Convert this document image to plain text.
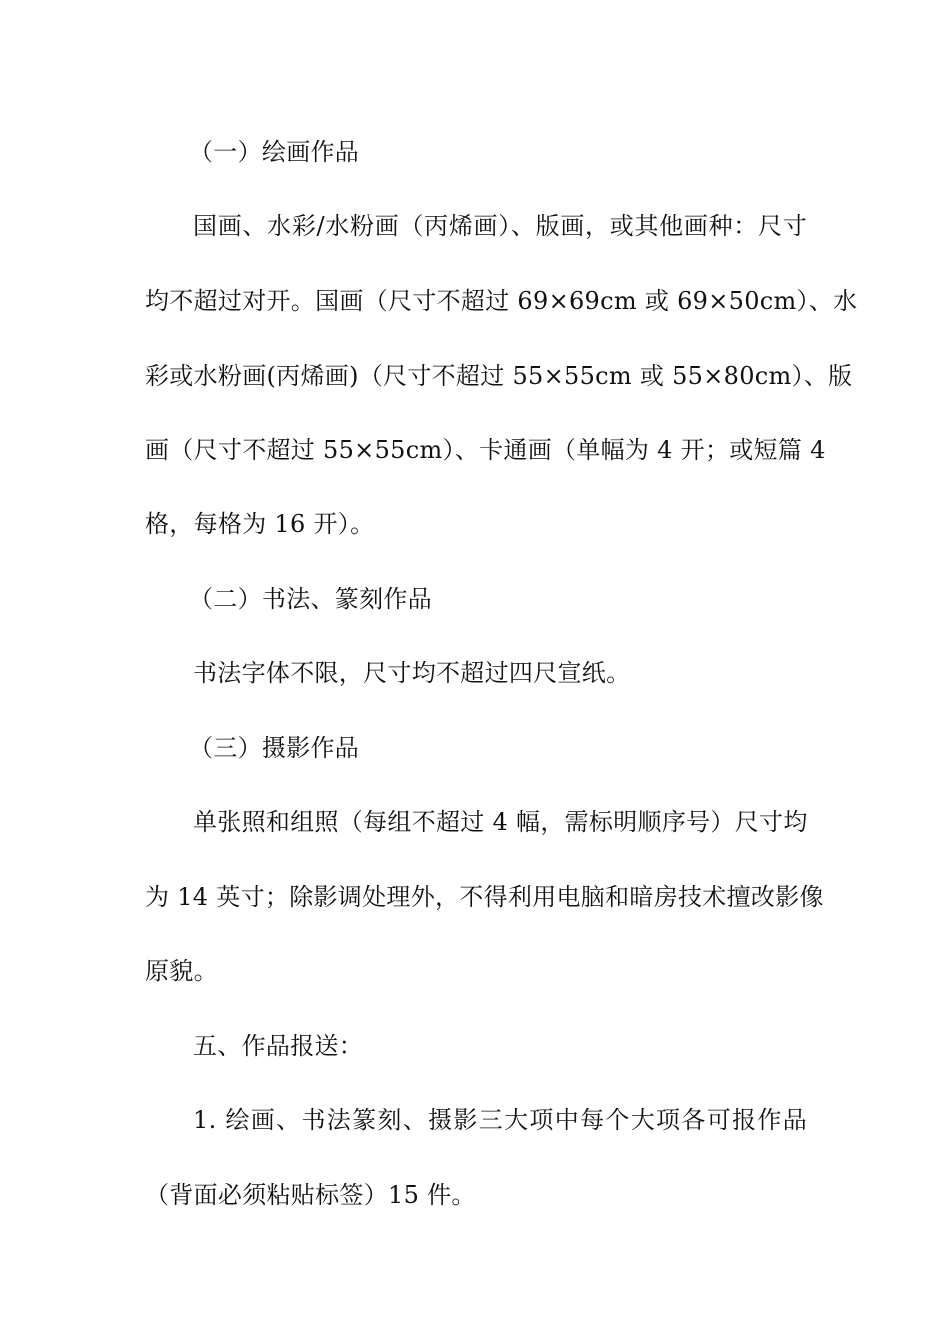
（一）绘画作品
国画、水彩/水粉画（丙烯画）、版画，或其他画种：尺寸
均不超过对开。国画（尺寸不超过 69×69cm 或 69×50cm）、水
彩或水粉画(丙烯画)（尺寸不超过 55×55cm 或 55×80cm）、版
画（尺寸不超过 55×55cm）、卡通画（单幅为 4 开；或短篇 4
格，每格为 16 开）。
（二）书法、篆刻作品
书法字体不限，尺寸均不超过四尺宣纸。
（三）摄影作品
单张照和组照（每组不超过 4 幅，需标明顺序号）尺寸均
为 14 英寸；除影调处理外，不得利用电脑和暗房技术擅改影像
原貌。
五、作品报送：
1. 绘画、书法篆刻、摄影三大项中每个大项各可报作品
（背面必须粘贴标签）15 件。
